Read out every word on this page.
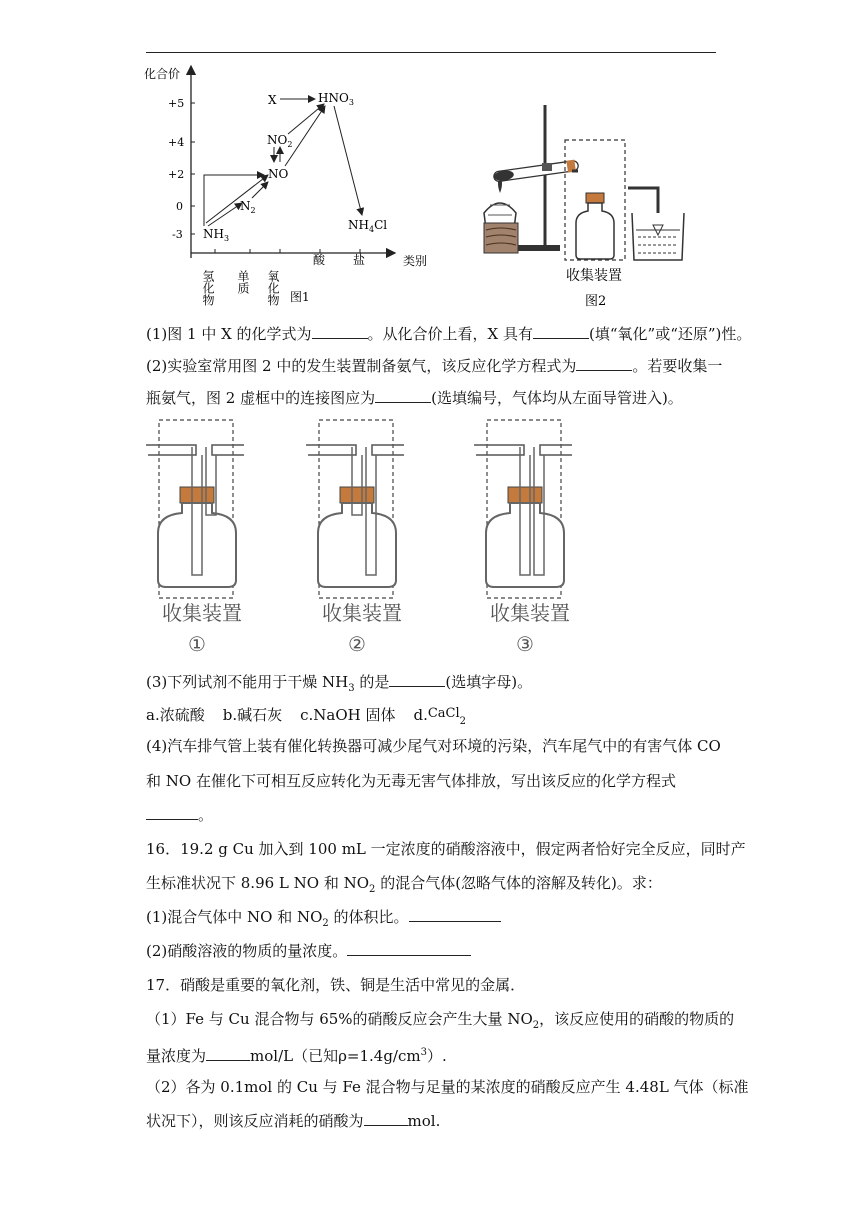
化合价
+5
+4
+2
0
-3
氢化物 单质 氧化物
酸 盐	类别
X	$HNO_3$
$NO_2$
NO
$N_2$
$NH_3$
$NH_4Cl$
图1
收集装置
图2
(1)图 1 中 X 的化学式为	。从化合价上看，X 具有	(填“氧化”或“还原”)性。
(2)实验室常用图 2 中的发生装置制备氨气，该反应化学方程式为	。若要收集一
瓶氨气，图 2 虚框中的连接图应为	(选填编号，气体均从左面导管进入)。
收集装置
①
收集装置
②
收集装置
③
(3)下列试剂不能用于干燥 $NH_3$ 的是	(选填字母)。
a.浓硫酸 b.碱石灰 c.NaOH 固体 d.CaCl$_2$
(4)汽车排气管上装有催化转换器可减少尾气对环境的污染，汽车尾气中的有害气体 CO
和 NO 在催化下可相互反应转化为无毒无害气体排放，写出该反应的化学方程式
。
16．19.2 g Cu 加入到 100 mL 一定浓度的硝酸溶液中，假定两者恰好完全反应，同时产
生标准状况下 8.96 L NO 和 $NO_2$ 的混合气体(忽略气体的溶解及转化)。求：
(1)混合气体中 NO 和 $NO_2$ 的体积比。
(2)硝酸溶液的物质的量浓度。
17．硝酸是重要的氧化剂，铁、铜是生活中常见的金属．
（1）Fe 与 Cu 混合物与 65%的硝酸反应会产生大量 $NO_2$，该反应使用的硝酸的物质的
量浓度为	mol/L（已知$\rho=1.4g/cm^3$）.
（2）各为 0.1mol 的 Cu 与 Fe 混合物与足量的某浓度的硝酸反应产生 4.48L 气体（标准
状况下），则该反应消耗的硝酸为	mol.
